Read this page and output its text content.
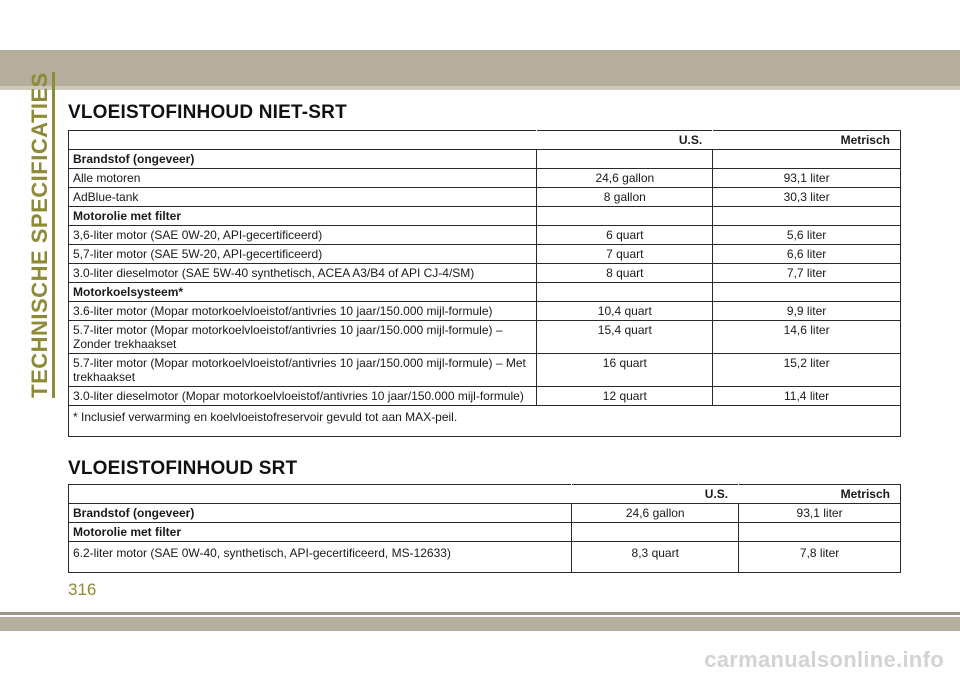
TECHNISCHE SPECIFICATIES VLOEISTOFINHOUD NIET-SRT
	U.S.	Metrisch
Brandstof (ongeveer)		
Alle motoren	24,6 gallon	93,1 liter
AdBlue-tank	8 gallon	30,3 liter
Motorolie met filter		
3,6-liter motor (SAE 0W-20, API-gecertificeerd)	6 quart	5,6 liter
5,7-liter motor (SAE 5W-20, API-gecertificeerd)	7 quart	6,6 liter
3.0-liter dieselmotor (SAE 5W-40 synthetisch, ACEA A3/B4 of API CJ-4/SM)	8 quart	7,7 liter
Motorkoelsysteem*		
3.6-liter motor (Mopar motorkoelvloeistof/antivries 10 jaar/150.000 mijl-formule)	10,4 quart	9,9 liter
5.7-liter motor (Mopar motorkoelvloeistof/antivries 10 jaar/150.000 mijl-formule) – Zonder trekhaakset	15,4 quart	14,6 liter
5.7-liter motor (Mopar motorkoelvloeistof/antivries 10 jaar/150.000 mijl-formule) – Met trekhaakset	16 quart	15,2 liter
3.0-liter dieselmotor (Mopar motorkoelvloeistof/antivries 10 jaar/150.000 mijl-formule)	12 quart	11,4 liter
* Inclusief verwarming en koelvloeistofreservoir gevuld tot aan MAX-peil.		
VLOEISTOFINHOUD SRT
	U.S.	Metrisch
Brandstof (ongeveer)	24,6 gallon	93,1 liter
Motorolie met filter		
6.2-liter motor (SAE 0W-40, synthetisch, API-gecertificeerd, MS-12633)	8,3 quart	7,8 liter
316
carmanualsonline.info
